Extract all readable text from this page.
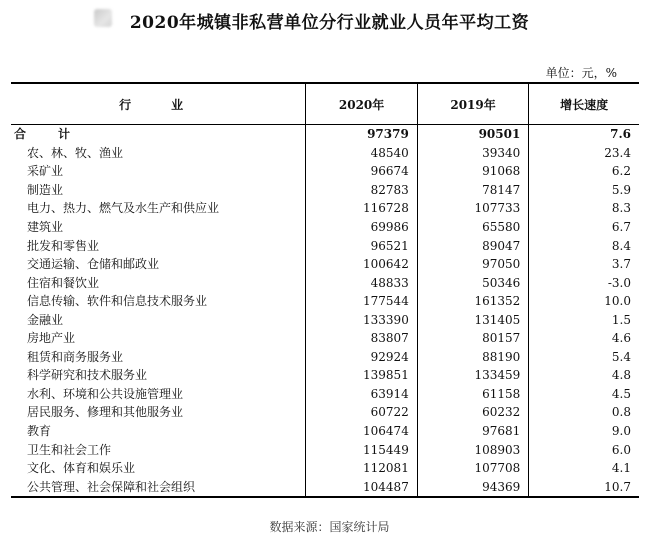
2020年城镇非私营单位分行业就业人员年平均工资
单位：元，%
行　业	2020年	2019年	增长速度
合　计	97379	90501	7.6
农、林、牧、渔业	48540	39340	23.4
采矿业	96674	91068	6.2
制造业	82783	78147	5.9
电力、热力、燃气及水生产和供应业	116728	107733	8.3
建筑业	69986	65580	6.7
批发和零售业	96521	89047	8.4
交通运输、仓储和邮政业	100642	97050	3.7
住宿和餐饮业	48833	50346	-3.0
信息传输、软件和信息技术服务业	177544	161352	10.0
金融业	133390	131405	1.5
房地产业	83807	80157	4.6
租赁和商务服务业	92924	88190	5.4
科学研究和技术服务业	139851	133459	4.8
水利、环境和公共设施管理业	63914	61158	4.5
居民服务、修理和其他服务业	60722	60232	0.8
教育	106474	97681	9.0
卫生和社会工作	115449	108903	6.0
文化、体育和娱乐业	112081	107708	4.1
公共管理、社会保障和社会组织	104487	94369	10.7
数据来源：国家统计局
